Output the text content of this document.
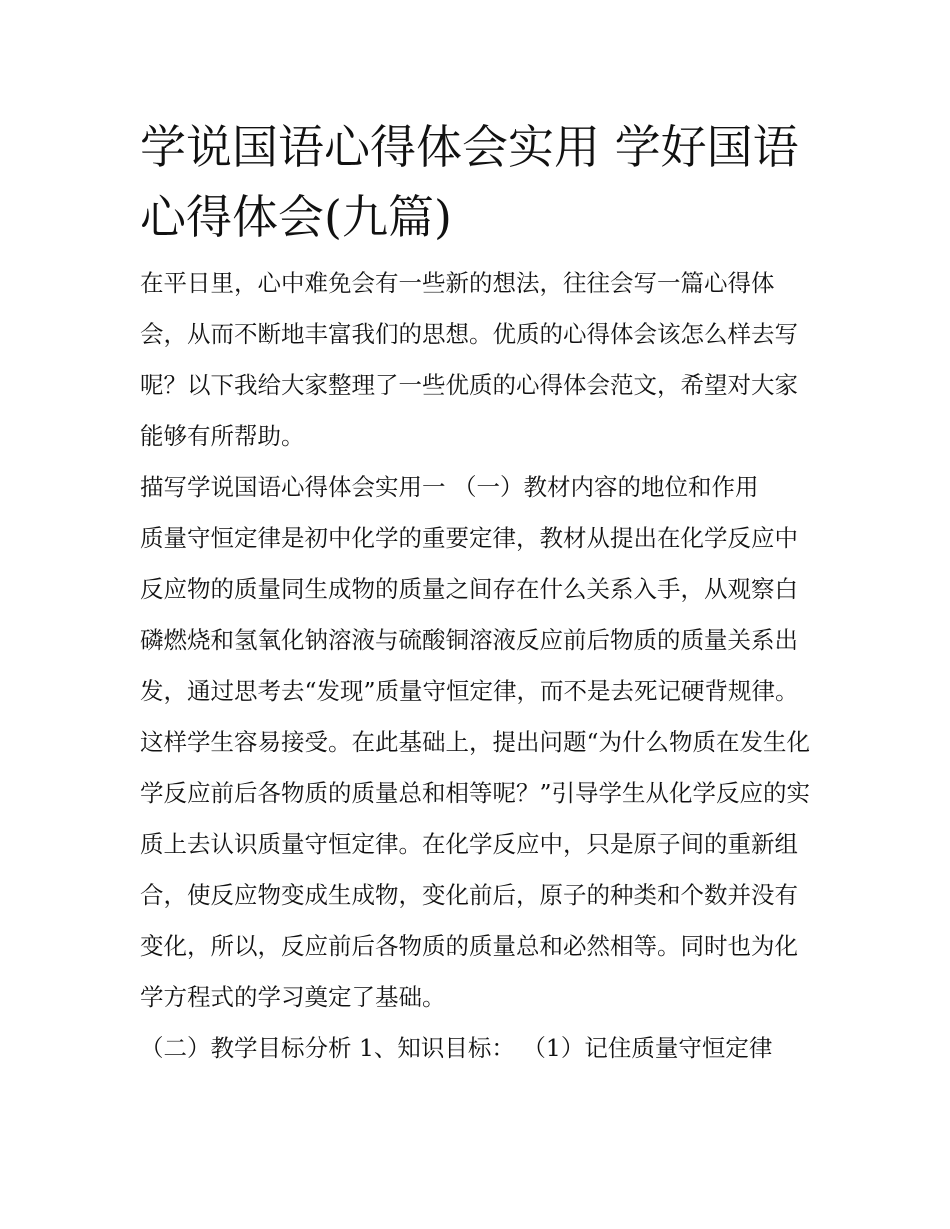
学说国语心得体会实用 学好国语心得体会(九篇)

在平日里，心中难免会有一些新的想法，往往会写一篇心得体会，从而不断地丰富我们的思想。优质的心得体会该怎么样去写呢？以下我给大家整理了一些优质的心得体会范文，希望对大家能够有所帮助。

描写学说国语心得体会实用一 （一）教材内容的地位和作用

质量守恒定律是初中化学的重要定律，教材从提出在化学反应中反应物的质量同生成物的质量之间存在什么关系入手，从观察白磷燃烧和氢氧化钠溶液与硫酸铜溶液反应前后物质的质量关系出发，通过思考去“发现”质量守恒定律，而不是去死记硬背规律。这样学生容易接受。在此基础上，提出问题“为什么物质在发生化学反应前后各物质的质量总和相等呢？”引导学生从化学反应的实质上去认识质量守恒定律。在化学反应中，只是原子间的重新组合，使反应物变成生成物，变化前后，原子的种类和个数并没有变化，所以，反应前后各物质的质量总和必然相等。同时也为化学方程式的学习奠定了基础。

（二）教学目标分析 1、知识目标： （1）记住质量守恒定律
